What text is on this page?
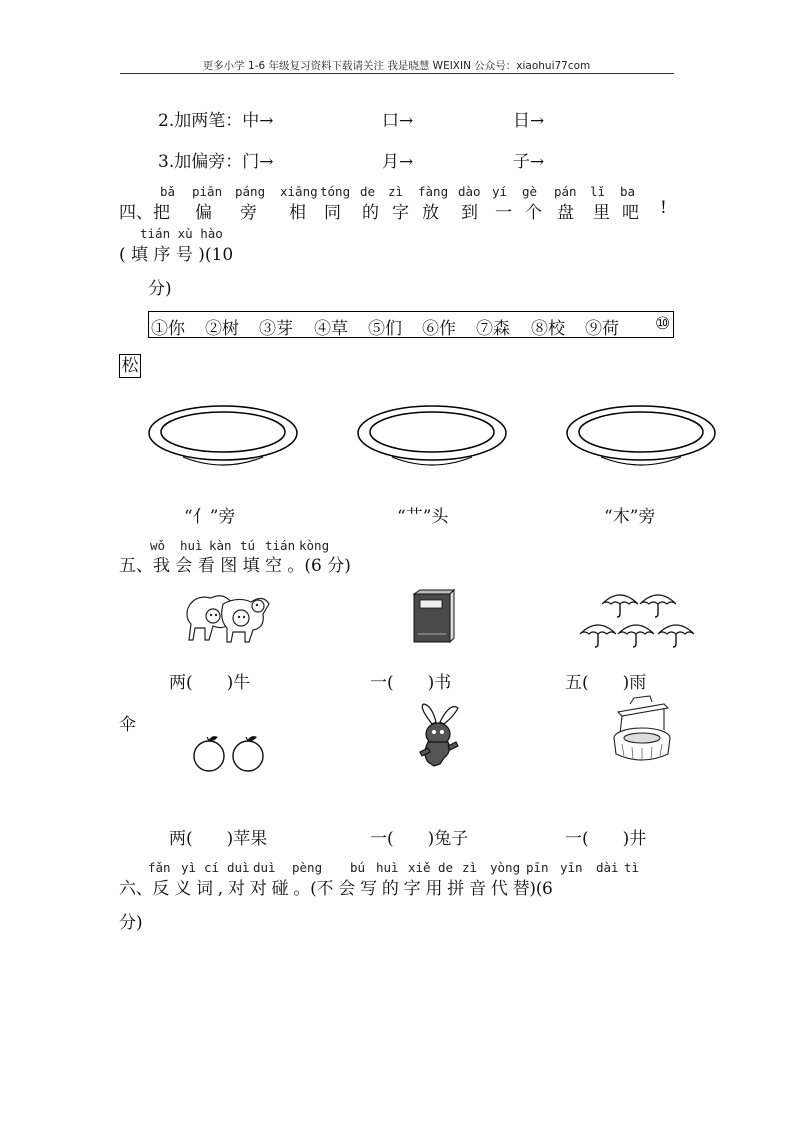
更多小学 1-6 年级复习资料下载请关注 我是晓慧 WEIXIN 公众号：xiaohui77com
2.加两笔：中→	口→	日→
3.加偏旁：门→	月→	子→
bǎ piān páng xiāng tóng de zì fàng dào yí gè pán lǐ ba
四、把 偏 旁 相 同 的 字 放 到 一 个 盘 里 吧 !
tián xù hào
( 填 序 号 )(10
分)
①你 ②树 ③芽 ④草 ⑤们 ⑥作 ⑦森 ⑧校 ⑨荷 ⑩
松
“亻”旁	“艹”头	“木”旁
wǒ huì kàn tú tián kòng
五、我 会 看 图 填 空 。(6 分)
两(　　)牛	一(　　)书	五(　　)雨
伞
两(　　)苹果	一(　　)兔子	一(　　)井
fǎn yì cí duì duì pèng bú huì xiě de zì yòng pīn yīn dài tì
六、反 义 词 , 对 对 碰 。(不 会 写 的 字 用 拼 音 代 替)(6
分)
